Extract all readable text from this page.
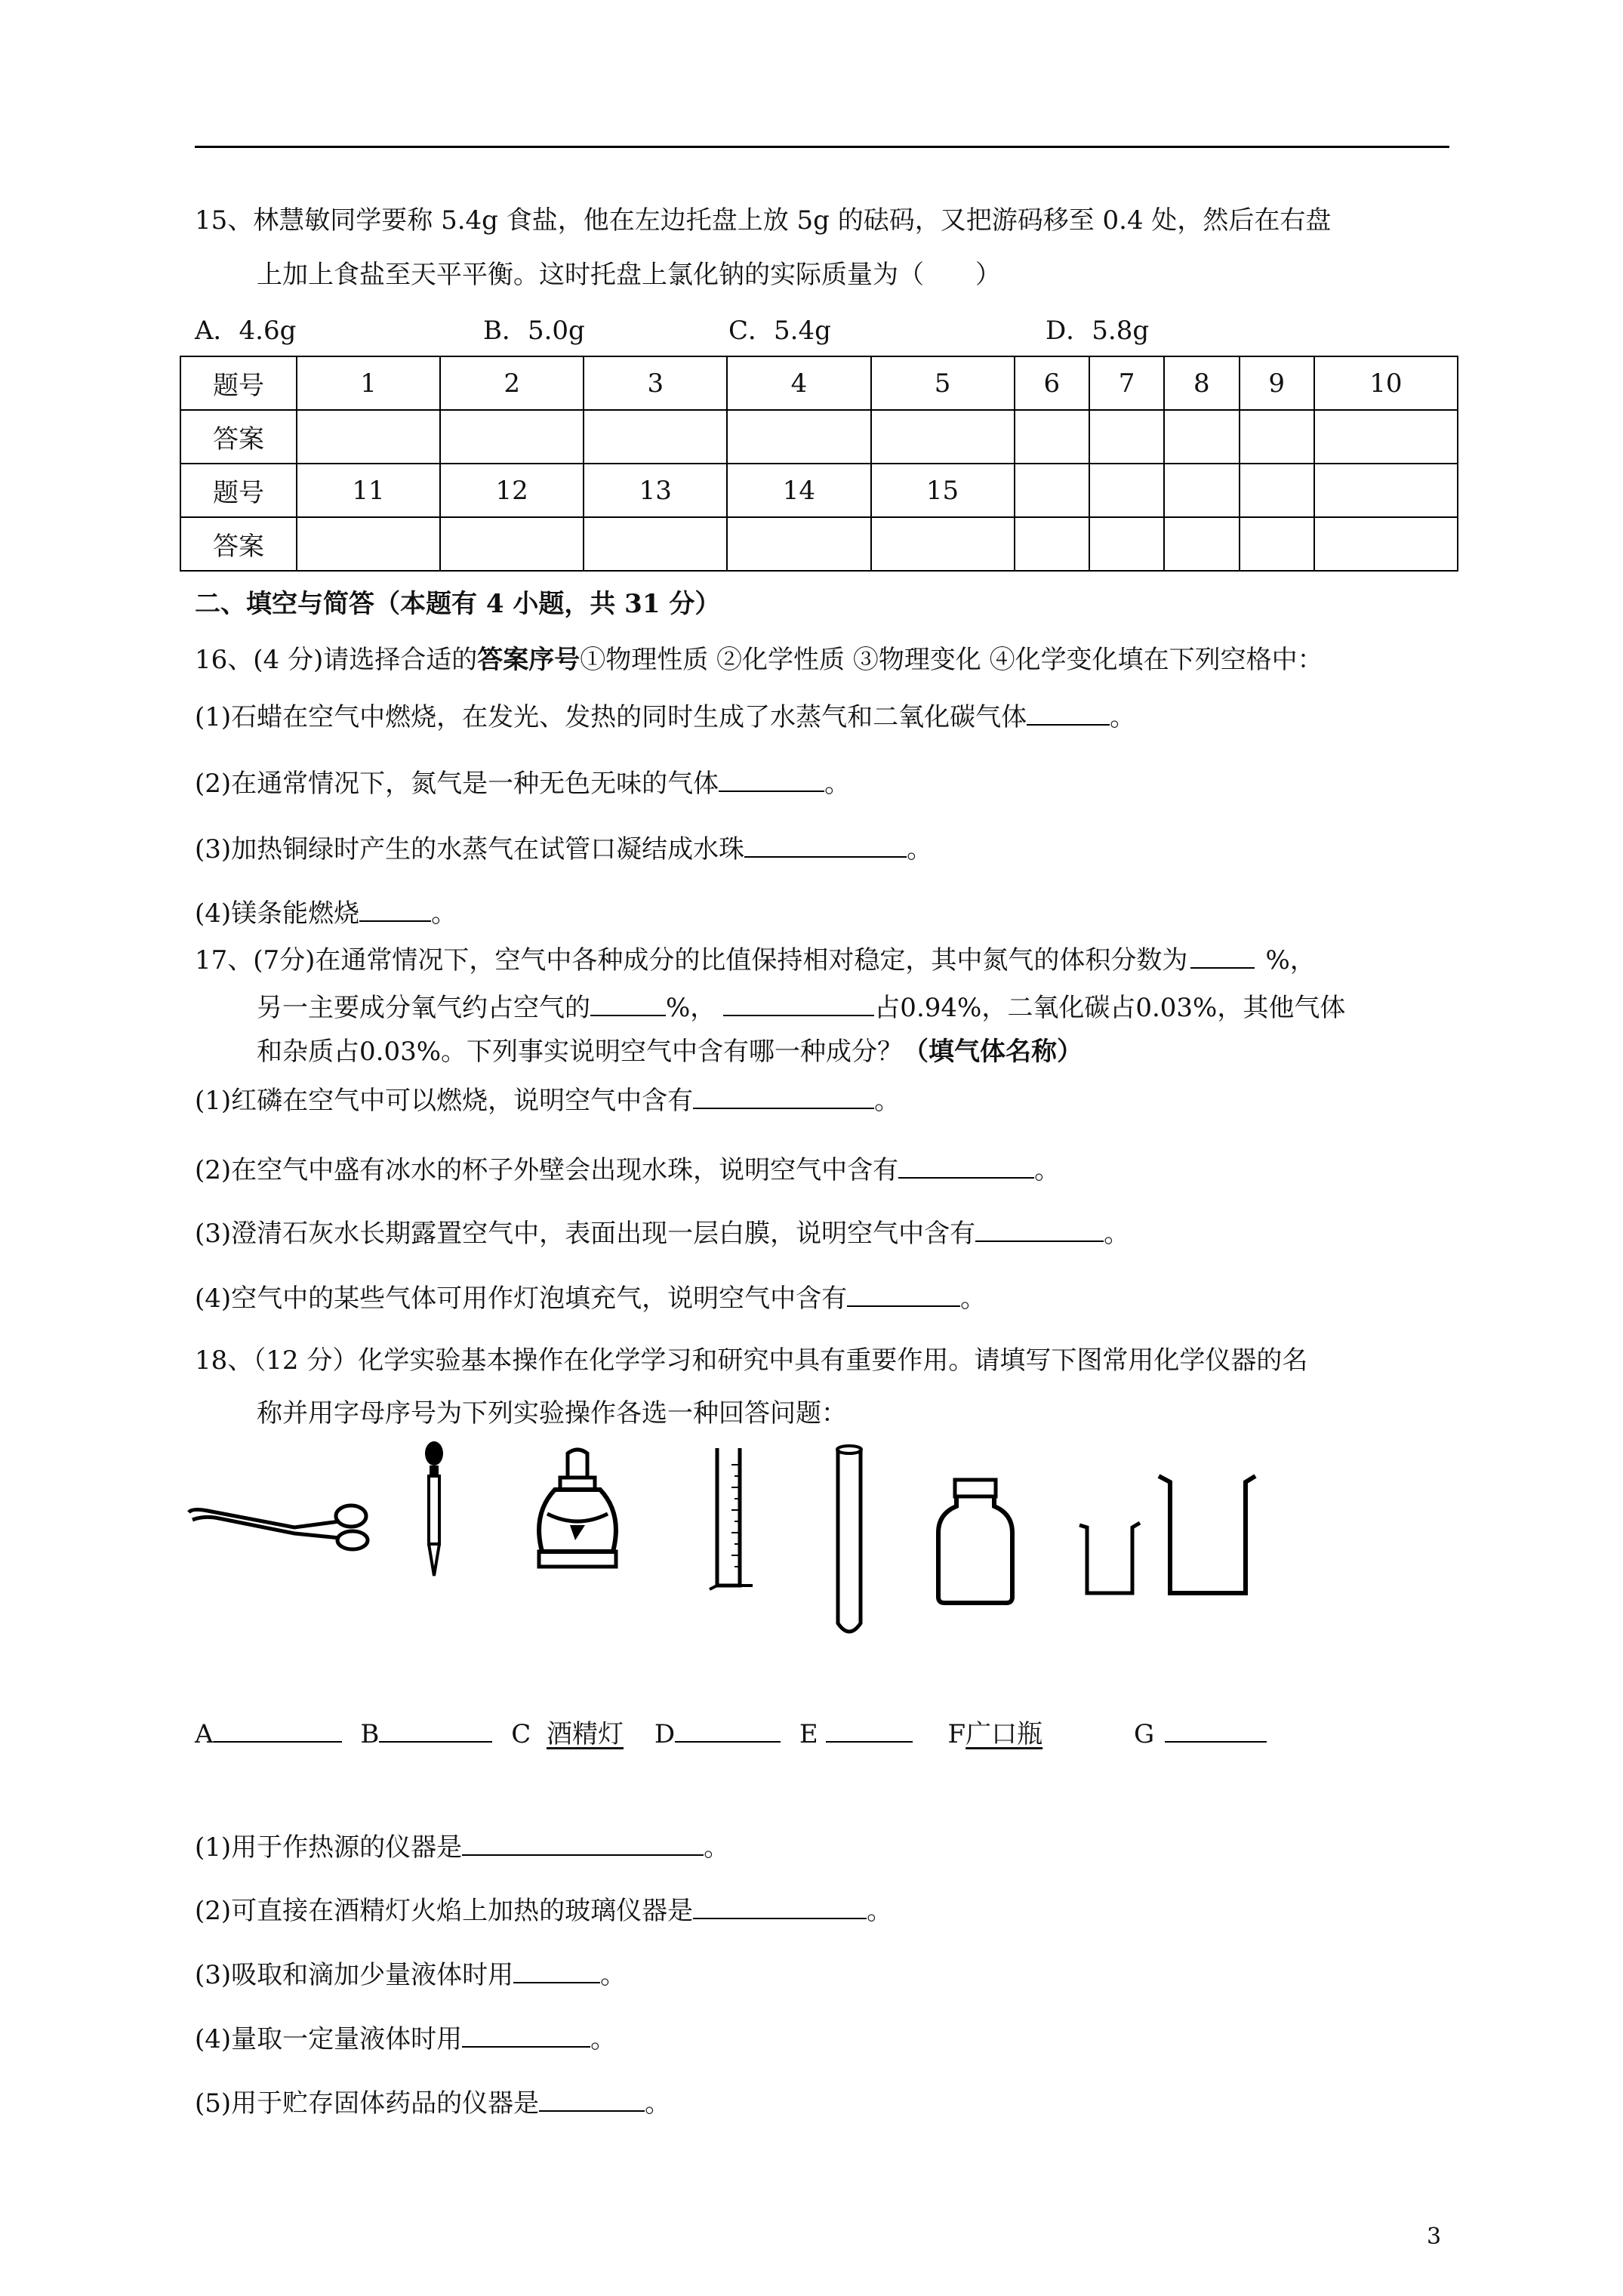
15、林慧敏同学要称 5.4g 食盐，他在左边托盘上放 5g 的砝码，又把游码移至 0.4 处，然后在右盘
上加上食盐至天平平衡。这时托盘上氯化钠的实际质量为（　　）
A．4.6g	B．5.0g	C．5.4g	D．5.8g
题号	1	2	3	4	5	6	7	8	9	10
答案										
题号	11	12	13	14	15					
答案										
二、填空与简答（本题有 4 小题，共 31 分）
16、(4 分)请选择合适的答案序号①物理性质 ②化学性质 ③物理变化 ④化学变化填在下列空格中：
(1)石蜡在空气中燃烧，在发光、发热的同时生成了水蒸气和二氧化碳气体	。
(2)在通常情况下，氮气是一种无色无味的气体	。
(3)加热铜绿时产生的水蒸气在试管口凝结成水珠	。
(4)镁条能燃烧	。
17、(7分)在通常情况下，空气中各种成分的比值保持相对稳定，其中氮气的体积分数为	%，
另一主要成分氧气约占空气的	%，	占0.94%，二氧化碳占0.03%，其他气体
和杂质占0.03%。下列事实说明空气中含有哪一种成分？（填气体名称）
(1)红磷在空气中可以燃烧，说明空气中含有	。
(2)在空气中盛有冰水的杯子外壁会出现水珠，说明空气中含有	。
(3)澄清石灰水长期露置空气中，表面出现一层白膜，说明空气中含有	。
(4)空气中的某些气体可用作灯泡填充气，说明空气中含有	。
18、（12 分）化学实验基本操作在化学学习和研究中具有重要作用。请填写下图常用化学仪器的名
称并用字母序号为下列实验操作各选一种回答问题：
A	B	C 酒精灯 D	E	F广口瓶	G
(1)用于作热源的仪器是	。
(2)可直接在酒精灯火焰上加热的玻璃仪器是	。
(3)吸取和滴加少量液体时用	。
(4)量取一定量液体时用	。
(5)用于贮存固体药品的仪器是	。
3
